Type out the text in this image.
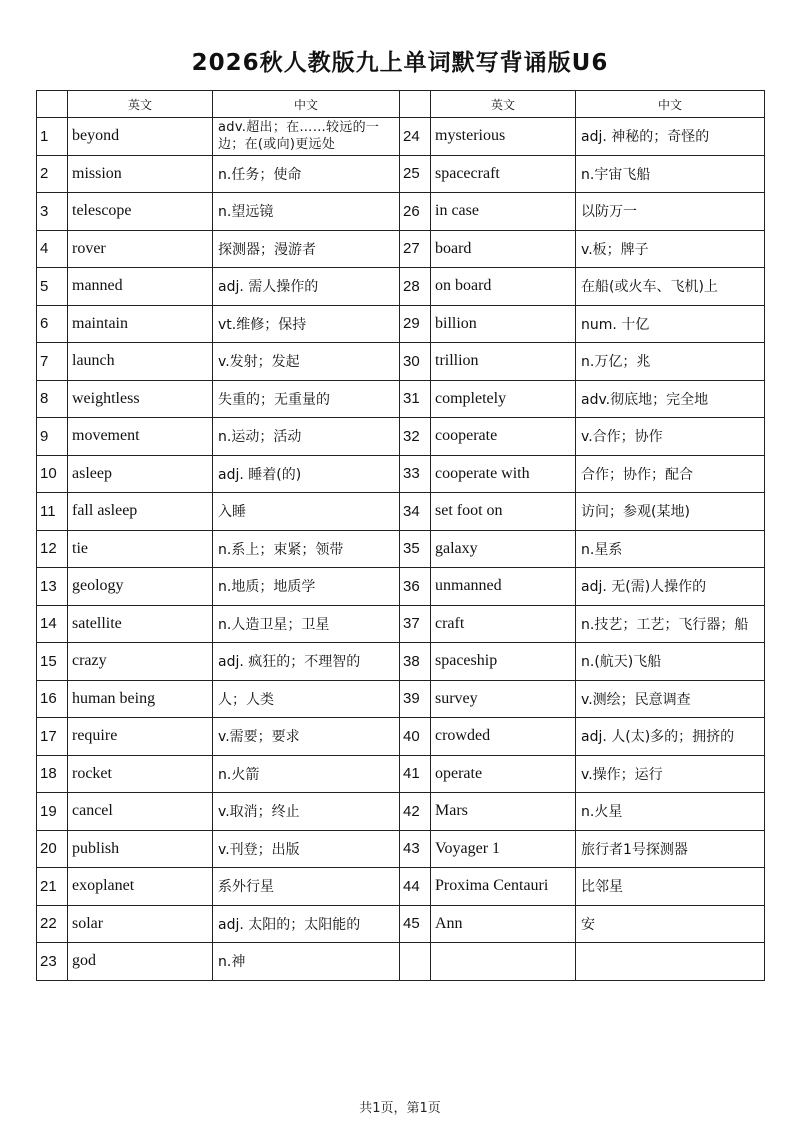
2026秋人教版九上单词默写背诵版U6
	英文	中文		英文	中文
1	beyond	adv.超出；在……较远的一边；在(或向)更远处	24	mysterious	adj. 神秘的；奇怪的
2	mission	n.任务；使命	25	spacecraft	n.宇宙飞船
3	telescope	n.望远镜	26	in case	以防万一
4	rover	探测器；漫游者	27	board	v.板；牌子
5	manned	adj. 需人操作的	28	on board	在船(或火车、飞机)上
6	maintain	vt.维修；保持	29	billion	num. 十亿
7	launch	v.发射；发起	30	trillion	n.万亿；兆
8	weightless	失重的；无重量的	31	completely	adv.彻底地；完全地
9	movement	n.运动；活动	32	cooperate	v.合作；协作
10	asleep	adj. 睡着(的)	33	cooperate with	合作；协作；配合
11	fall asleep	入睡	34	set foot on	访问；参观(某地)
12	tie	n.系上；束紧；领带	35	galaxy	n.星系
13	geology	n.地质；地质学	36	unmanned	adj. 无(需)人操作的
14	satellite	n.人造卫星；卫星	37	craft	n.技艺；工艺；飞行器；船
15	crazy	adj. 疯狂的；不理智的	38	spaceship	n.(航天)飞船
16	human being	人；人类	39	survey	v.测绘；民意调查
17	require	v.需要；要求	40	crowded	adj. 人(太)多的；拥挤的
18	rocket	n.火箭	41	operate	v.操作；运行
19	cancel	v.取消；终止	42	Mars	n.火星
20	publish	v.刊登；出版	43	Voyager 1	旅行者1号探测器
21	exoplanet	系外行星	44	Proxima Centauri	比邻星
22	solar	adj. 太阳的；太阳能的	45	Ann	安
23	god	n.神			
共1页，第1页
